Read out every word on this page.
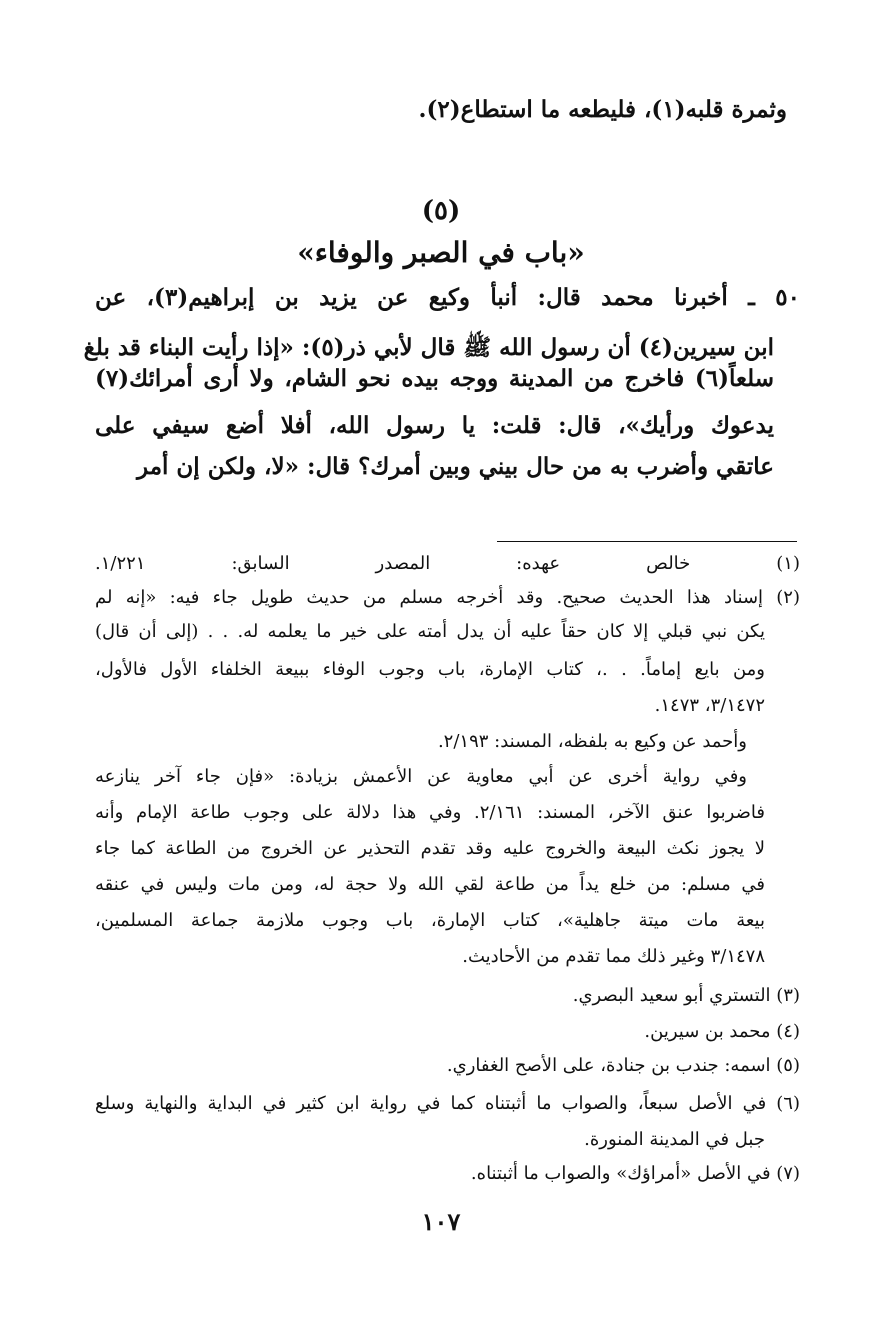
وثمرة قلبه(١)، فليطعه ما استطاع(٢).
(٥)
«باب في الصبر والوفاء»
٥٠ ـ أخبرنا محمد قال: أنبأ وكيع عن يزيد بن إبراهيم(٣)، عن
ابن سيرين(٤) أن رسول الله ﷺ قال لأبي ذر(٥): «إذا رأيت البناء قد بلغ
سلعاً(٦) فاخرج من المدينة ووجه بيده نحو الشام، ولا أرى أمرائك(٧)
يدعوك ورأيك»، قال: قلت: يا رسول الله، أفلا أضع سيفي على
عاتقي وأضرب به من حال بيني وبين أمرك؟ قال: «لا، ولكن إن أمر
(١) خالص عهده: المصدر السابق: ١/٢٢١.
(٢) إسناد هذا الحديث صحيح. وقد أخرجه مسلم من حديث طويل جاء فيه: «إنه لم
يكن نبي قبلي إلا كان حقاً عليه أن يدل أمته على خير ما يعلمه له. . . (إلى أن قال)
ومن بايع إماماً. . .، كتاب الإمارة، باب وجوب الوفاء ببيعة الخلفاء الأول فالأول،
٣/١٤٧٢، ١٤٧٣.
وأحمد عن وكيع به بلفظه، المسند: ٢/١٩٣.
وفي رواية أخرى عن أبي معاوية عن الأعمش بزيادة: «فإن جاء آخر ينازعه
فاضربوا عنق الآخر، المسند: ٢/١٦١. وفي هذا دلالة على وجوب طاعة الإمام وأنه
لا يجوز نكث البيعة والخروج عليه وقد تقدم التحذير عن الخروج من الطاعة كما جاء
في مسلم: من خلع يداً من طاعة لقي الله ولا حجة له، ومن مات وليس في عنقه
بيعة مات ميتة جاهلية»، كتاب الإمارة، باب وجوب ملازمة جماعة المسلمين،
٣/١٤٧٨ وغير ذلك مما تقدم من الأحاديث.
(٣) التستري أبو سعيد البصري.
(٤) محمد بن سيرين.
(٥) اسمه: جندب بن جنادة، على الأصح الغفاري.
(٦) في الأصل سبعاً، والصواب ما أثبتناه كما في رواية ابن كثير في البداية والنهاية وسلع
جبل في المدينة المنورة.
(٧) في الأصل «أمراؤك» والصواب ما أثبتناه.
١٠٧
